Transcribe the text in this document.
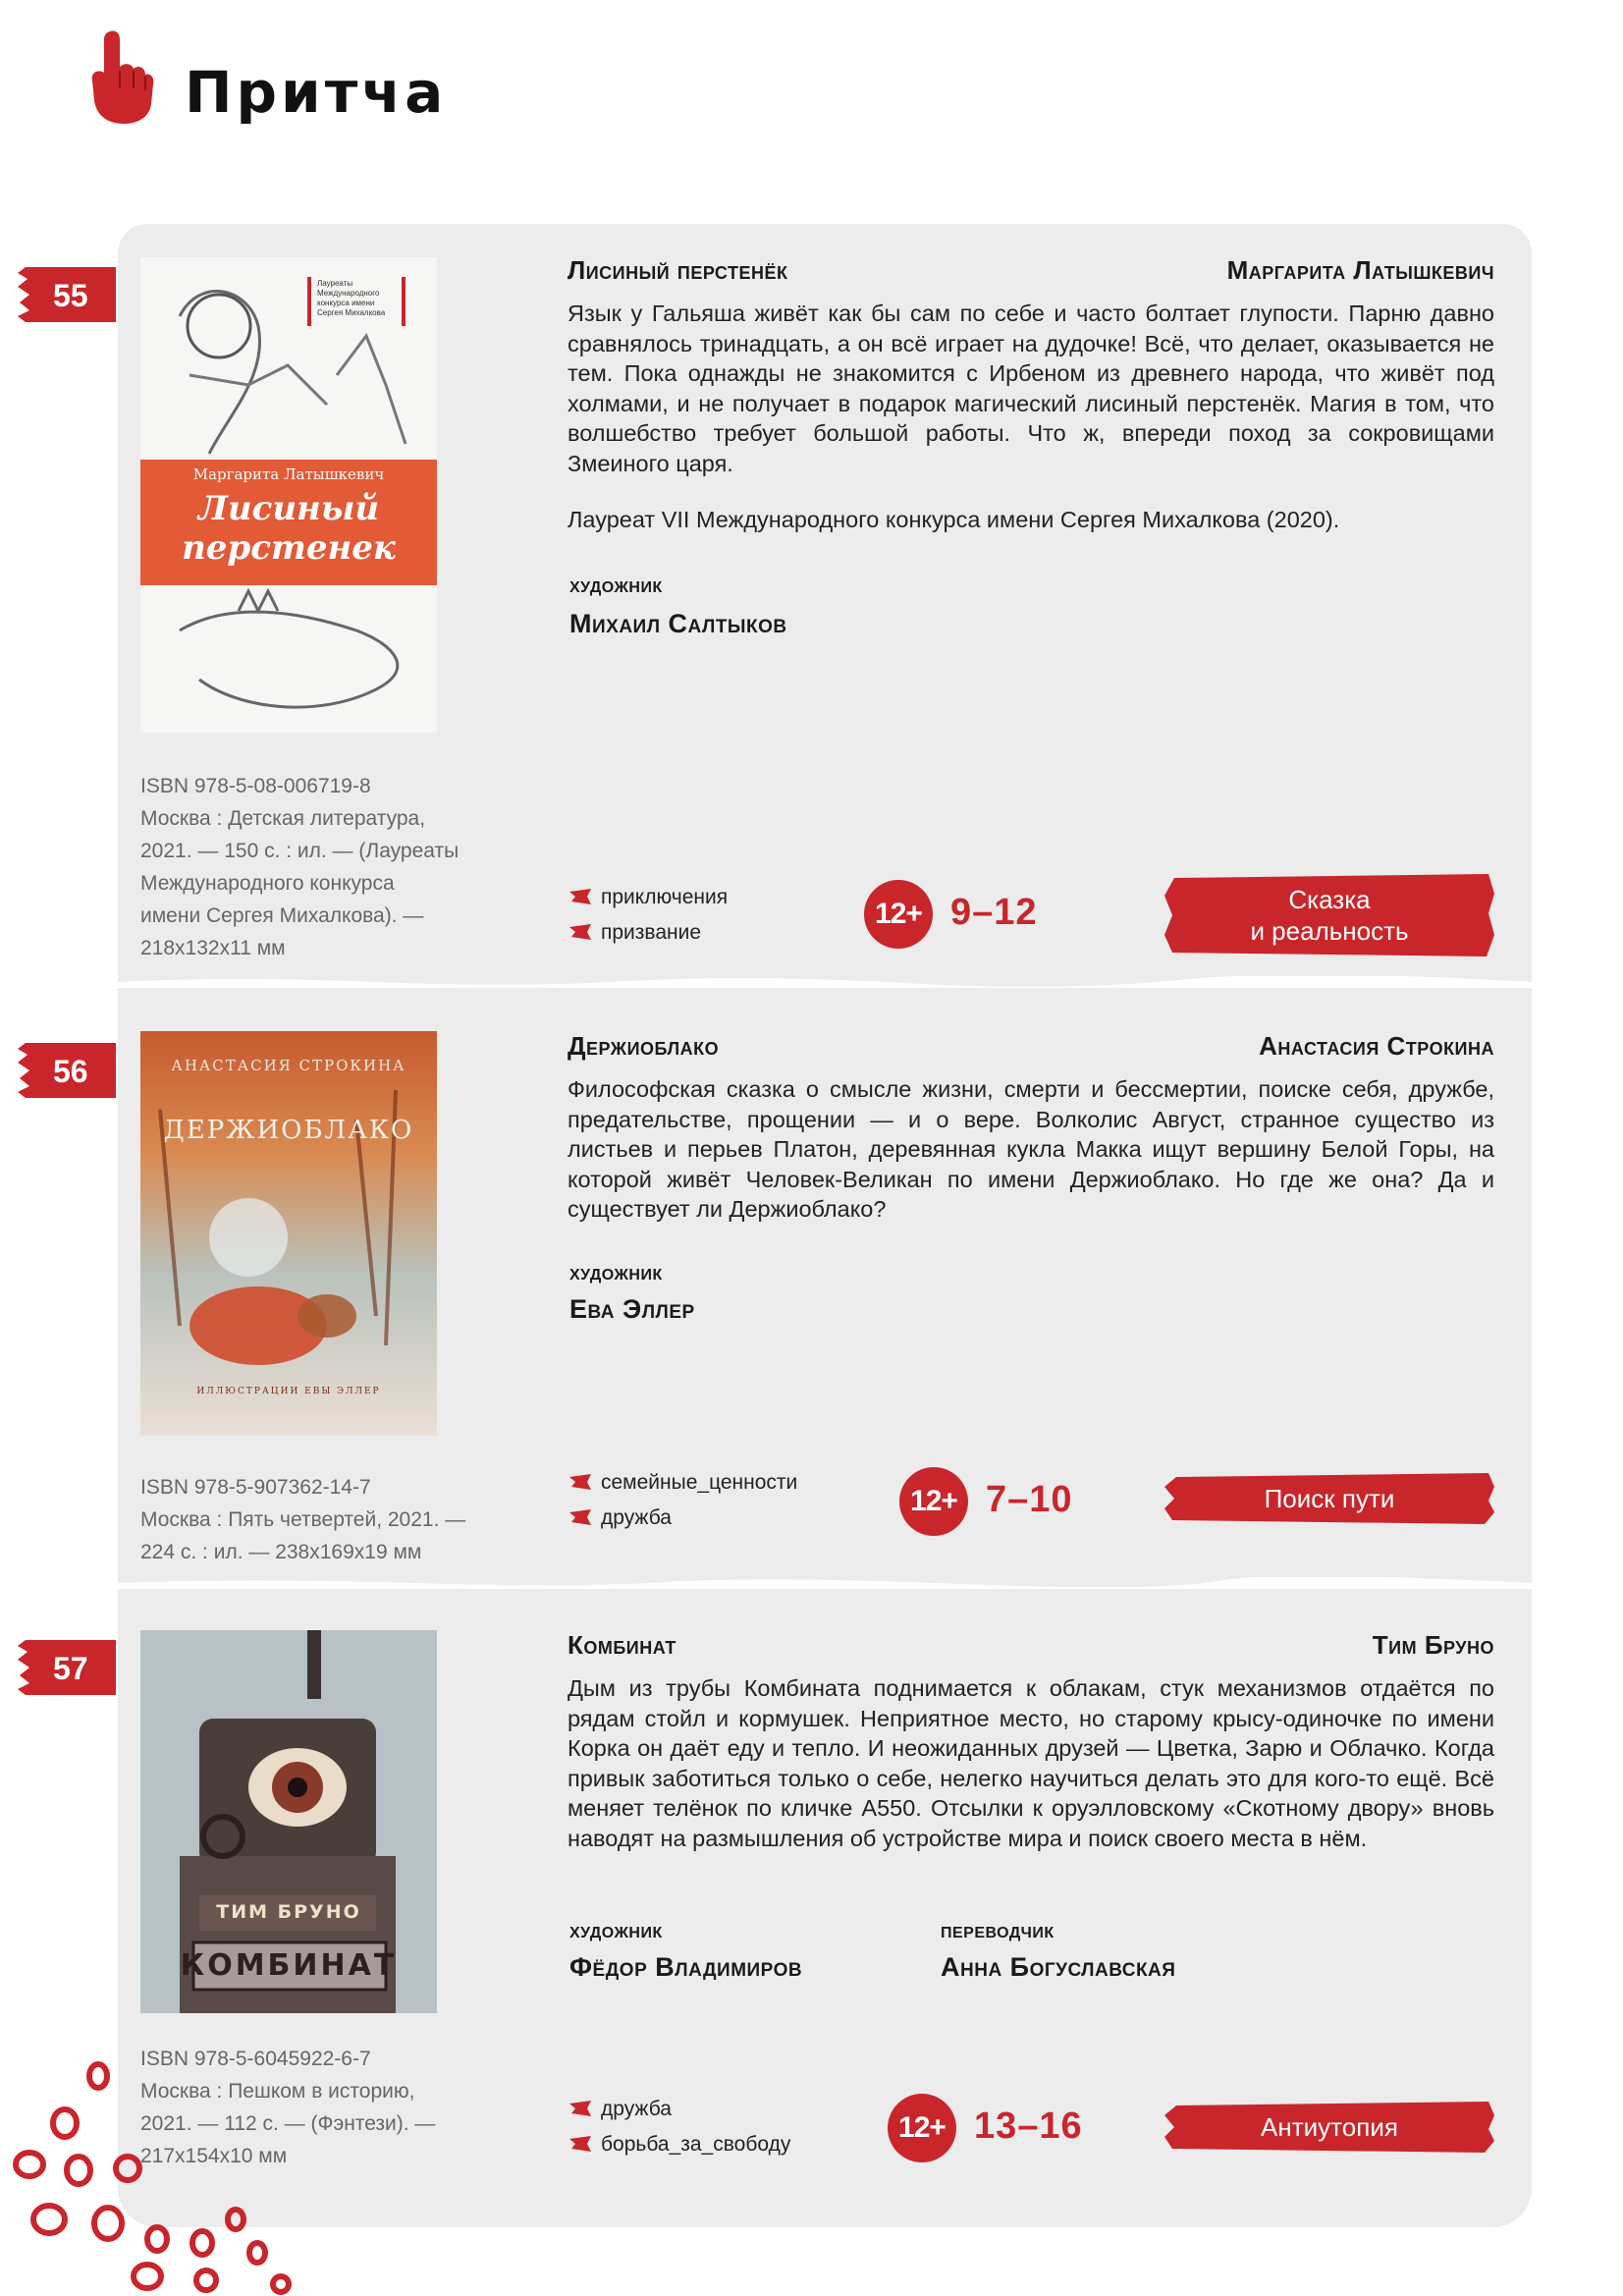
Притча
55	Лауреаты Международного конкурса имени Сергея Михалкова
Маргарита Латышкевич
Лисиный
перстенек
Лисиный перстенёк	Маргарита Латышкевич
Язык у Гальяша живёт как бы сам по себе и часто болтает глупости. Парню давно сравнялось тринадцать, а он всё играет на дудочке! Всё, что делает, оказывается не тем. Пока однажды не знакомится с Ирбеном из древнего народа, что живёт под холмами, и не получает в подарок магический лисиный перстенёк. Магия в том, что волшебство требует большой работы. Что ж, впереди поход за сокровищами Змеиного царя.
Лауреат VII Международного конкурса имени Сергея Михалкова (2020).
художник
Михаил Салтыков
ISBN 978-5-08-006719-8
Москва : Детская литература,
2021. — 150 с. : ил. — (Лауреаты
Международного конкурса
имени Сергея Михалкова). —
218х132х11 мм
приключения
призвание
12+ 9–12	Сказка
и реальность
56	АНАСТАСИЯ СТРОКИНА
ДЕРЖИОБЛАКО
ИЛЛЮСТРАЦИИ ЕВЫ ЭЛЛЕР
Держиоблако	Анастасия Строкина
Философская сказка о смысле жизни, смерти и бессмертии, поиске себя, дружбе, предательстве, прощении — и о вере. Волколис Август, странное существо из листьев и перьев Платон, деревянная кукла Макка ищут вершину Белой Горы, на которой живёт Человек-Великан по имени Держиоблако. Но где же она? Да и существует ли Держиоблако?
художник
Ева Эллер
ISBN 978-5-907362-14-7
Москва : Пять четвертей, 2021. —
224 с. : ил. — 238х169х19 мм
семейные_ценности
дружба
12+ 7–10	Поиск пути
57
ТИМ БРУНО
КОМБИНАТ
Комбинат	Тим Бруно
Дым из трубы Комбината поднимается к облакам, стук механизмов отдаётся по рядам стойл и кормушек. Неприятное место, но старому крысу-одиночке по имени Корка он даёт еду и тепло. И неожиданных друзей — Цветка, Зарю и Облачко. Когда привык заботиться только о себе, нелегко научиться делать это для кого-то ещё. Всё меняет телёнок по кличке А550. Отсылки к оруэлловскому «Скотному двору» вновь наводят на размышления об устройстве мира и поиск своего места в нём.
художник
Фёдор Владимиров
переводчик
Анна Богуславская
ISBN 978-5-6045922-6-7
Москва : Пешком в историю,
2021. — 112 с. — (Фэнтези). —
217х154х10 мм
дружба
борьба_за_свободу
12+ 13–16	Антиутопия
